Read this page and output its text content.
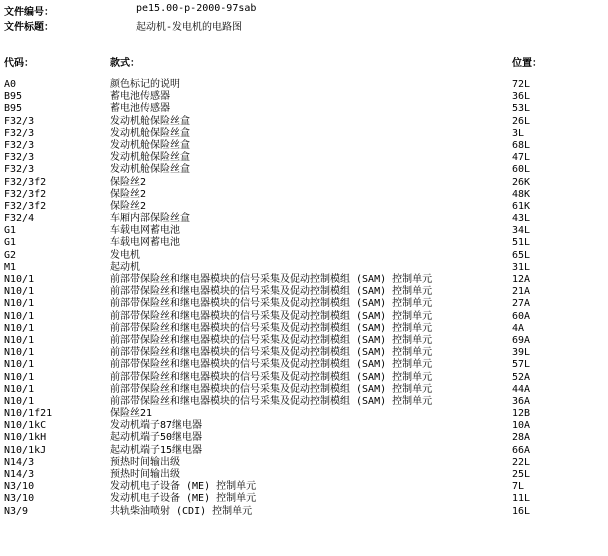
文件编号：	pe15.00-p-2000-97sab
文件标题：	起动机-发电机的电路图
代码：	款式：	位置：
A0	颜色标记的说明	72L
B95	蓄电池传感器	36L
B95	蓄电池传感器	53L
F32/3	发动机舱保险丝盒	26L
F32/3	发动机舱保险丝盒	3L
F32/3	发动机舱保险丝盒	68L
F32/3	发动机舱保险丝盒	47L
F32/3	发动机舱保险丝盒	60L
F32/3f2	保险丝2	26K
F32/3f2	保险丝2	48K
F32/3f2	保险丝2	61K
F32/4	车厢内部保险丝盒	43L
G1	车载电网蓄电池	34L
G1	车载电网蓄电池	51L
G2	发电机	65L
M1	起动机	31L
N10/1	前部带保险丝和继电器模块的信号采集及促动控制模组 (SAM) 控制单元	12A
N10/1	前部带保险丝和继电器模块的信号采集及促动控制模组 (SAM) 控制单元	21A
N10/1	前部带保险丝和继电器模块的信号采集及促动控制模组 (SAM) 控制单元	27A
N10/1	前部带保险丝和继电器模块的信号采集及促动控制模组 (SAM) 控制单元	60A
N10/1	前部带保险丝和继电器模块的信号采集及促动控制模组 (SAM) 控制单元	4A
N10/1	前部带保险丝和继电器模块的信号采集及促动控制模组 (SAM) 控制单元	69A
N10/1	前部带保险丝和继电器模块的信号采集及促动控制模组 (SAM) 控制单元	39L
N10/1	前部带保险丝和继电器模块的信号采集及促动控制模组 (SAM) 控制单元	57L
N10/1	前部带保险丝和继电器模块的信号采集及促动控制模组 (SAM) 控制单元	52A
N10/1	前部带保险丝和继电器模块的信号采集及促动控制模组 (SAM) 控制单元	44A
N10/1	前部带保险丝和继电器模块的信号采集及促动控制模组 (SAM) 控制单元	36A
N10/1f21	保险丝21	12B
N10/1kC	发动机端子87继电器	10A
N10/1kH	起动机端子50继电器	28A
N10/1kJ	起动机端子15继电器	66A
N14/3	预热时间输出级	22L
N14/3	预热时间输出级	25L
N3/10	发动机电子设备 (ME) 控制单元	7L
N3/10	发动机电子设备 (ME) 控制单元	11L
N3/9	共轨柴油喷射 (CDI) 控制单元	16L
